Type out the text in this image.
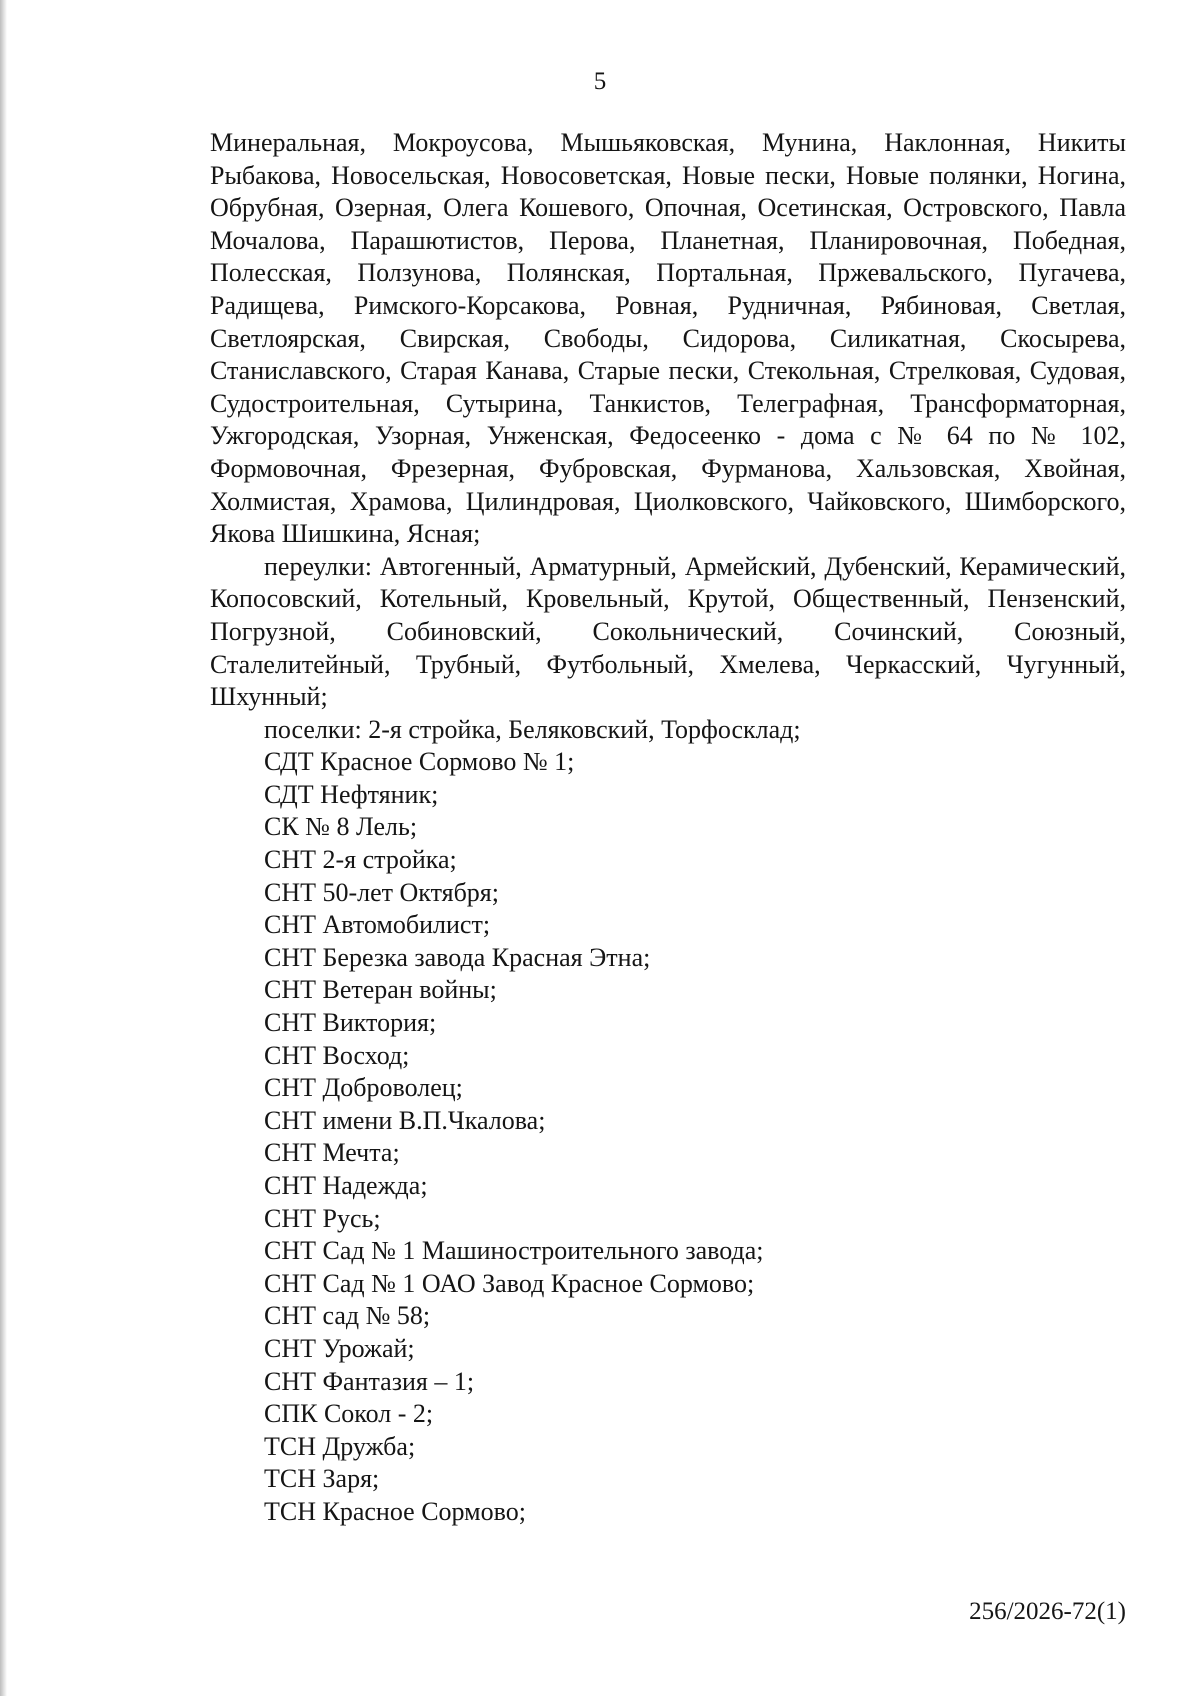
5

Минеральная, Мокроусова, Мышьяковская, Мунина, Наклонная, Никиты Рыбакова, Новосельская, Новосоветская, Новые пески, Новые полянки, Ногина, Обрубная, Озерная, Олега Кошевого, Опочная, Осетинская, Островского, Павла Мочалова, Парашютистов, Перова, Планетная, Планировочная, Победная, Полесская, Ползунова, Полянская, Портальная, Пржевальского, Пугачева, Радищева, Римского-Корсакова, Ровная, Рудничная, Рябиновая, Светлая, Светлоярская, Свирская, Свободы, Сидорова, Силикатная, Скосырева, Станиславского, Старая Канава, Старые пески, Стекольная, Стрелковая, Судовая, Судостроительная, Сутырина, Танкистов, Телеграфная, Трансформаторная, Ужгородская, Узорная, Унженская, Федосеенко - дома с № 64 по № 102, Формовочная, Фрезерная, Фубровская, Фурманова, Хальзовская, Хвойная, Холмистая, Храмова, Цилиндровая, Циолковского, Чайковского, Шимборского, Якова Шишкина, Ясная;

переулки: Автогенный, Арматурный, Армейский, Дубенский, Керамический, Копосовский, Котельный, Кровельный, Крутой, Общественный, Пензенский, Погрузной, Собиновский, Сокольнический, Сочинский, Союзный, Сталелитейный, Трубный, Футбольный, Хмелева, Черкасский, Чугунный, Шхунный;

поселки: 2-я стройка, Беляковский, Торфосклад;

СДТ Красное Сормово № 1;

СДТ Нефтяник;

СК № 8 Лель;

СНТ 2-я стройка;

СНТ 50-лет Октября;

СНТ Автомобилист;

СНТ Березка завода Красная Этна;

СНТ Ветеран войны;

СНТ Виктория;

СНТ Восход;

СНТ Доброволец;

СНТ имени В.П.Чкалова;

СНТ Мечта;

СНТ Надежда;

СНТ Русь;

СНТ Сад № 1 Машиностроительного завода;

СНТ Сад № 1 ОАО Завод Красное Сормово;

СНТ сад № 58;

СНТ Урожай;

СНТ Фантазия – 1;

СПК Сокол - 2;

ТСН Дружба;

ТСН Заря;

ТСН Красное Сормово;

256/2026-72(1)
